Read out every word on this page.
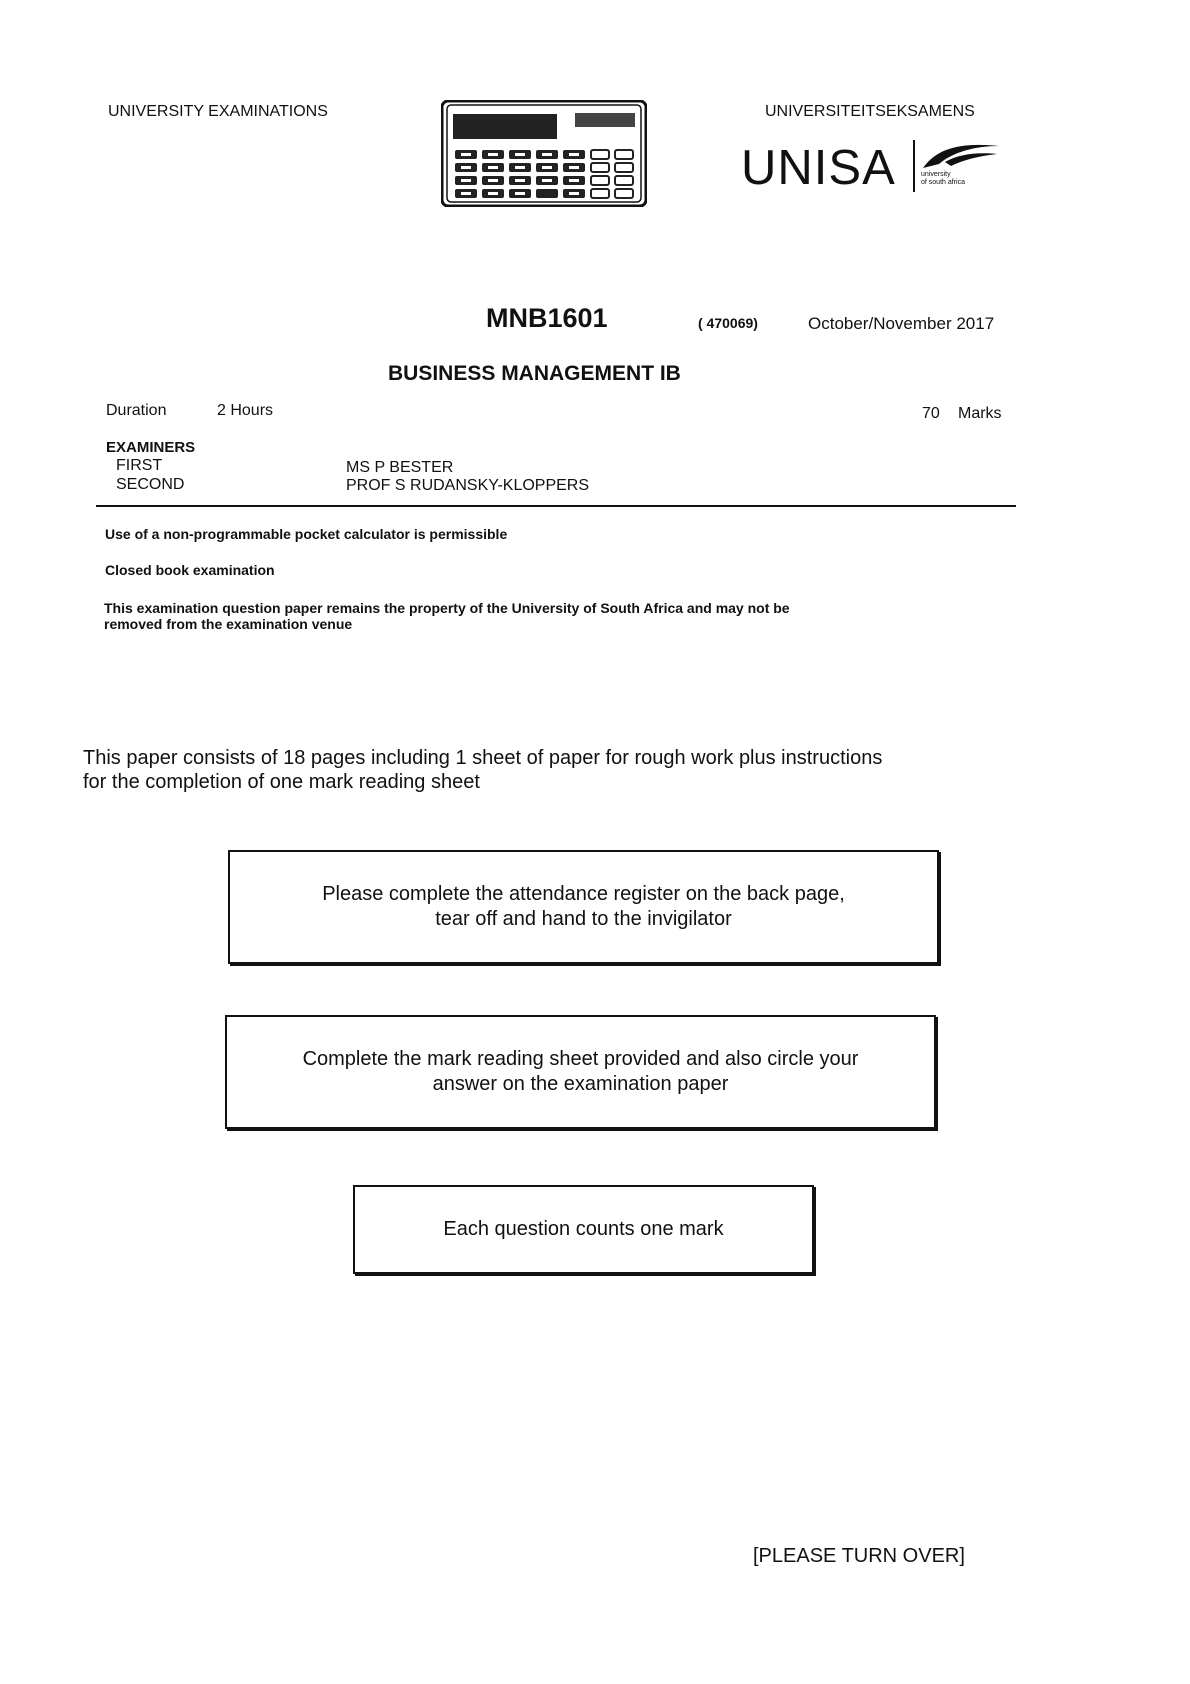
UNIVERSITY EXAMINATIONS	UNIVERSITEITSEKSAMENS
UNISA	university
of south africa
MNB1601	( 470069)	October/November 2017
BUSINESS MANAGEMENT IB
Duration	2 Hours	70 Marks
EXAMINERS
FIRST	MS P BESTER
SECOND	PROF S RUDANSKY-KLOPPERS
Use of a non-programmable pocket calculator is permissible
Closed book examination
This examination question paper remains the property of the University of South Africa and may not be
removed from the examination venue
This paper consists of 18 pages including 1 sheet of paper for rough work plus instructions
for the completion of one mark reading sheet
Please complete the attendance register on the back page,
tear off and hand to the invigilator
Complete the mark reading sheet provided and also circle your
answer on the examination paper
Each question counts one mark
[PLEASE TURN OVER]
